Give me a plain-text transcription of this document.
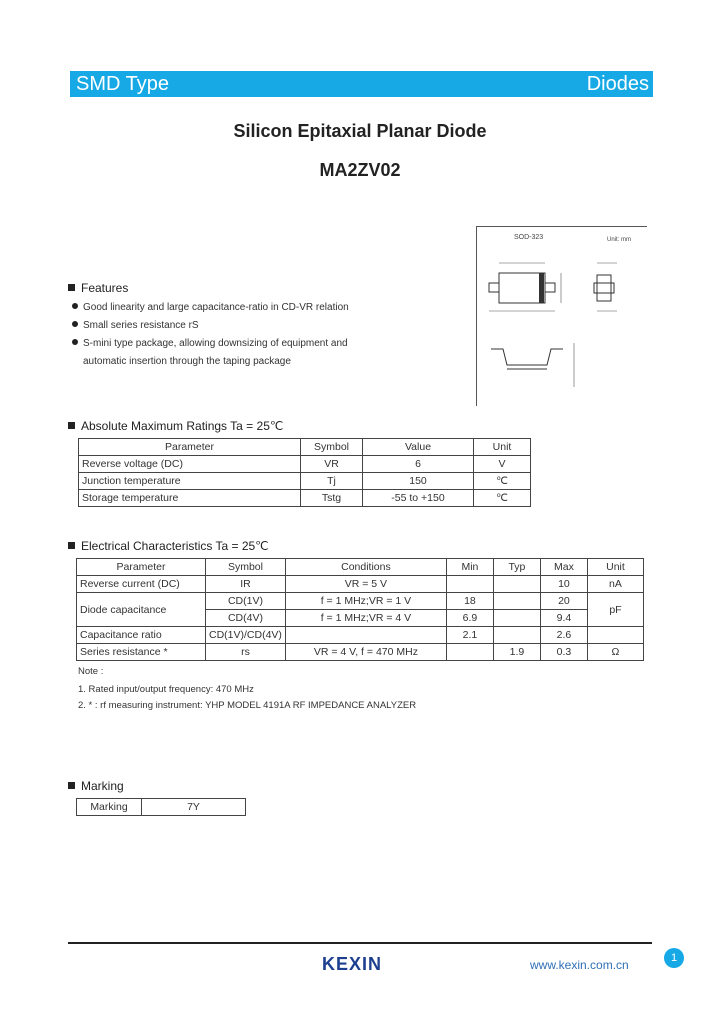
SMD Type	Diodes
Silicon Epitaxial Planar Diode
MA2ZV02
SOD-323	Unit: mm
Features
Good linearity and large capacitance-ratio in CD-VR relation
Small series resistance rS
S-mini type package, allowing downsizing of equipment and
automatic insertion through the taping package
Absolute Maximum Ratings Ta = 25℃
Parameter	Symbol	Value	Unit
Reverse voltage (DC)	VR	6	V
Junction temperature	Tj	150	℃
Storage temperature	Tstg	-55 to +150	℃
Electrical Characteristics Ta = 25℃
Parameter	Symbol	Conditions	Min	Typ	Max	Unit
Reverse current (DC)	IR	VR = 5 V			10	nA
Diode capacitance	CD(1V)	f = 1 MHz;VR = 1 V	18		20	pF
	CD(4V)	f = 1 MHz;VR = 4 V	6.9		9.4	
Capacitance ratio	CD(1V)/CD(4V)		2.1		2.6	
Series resistance *	rs	VR = 4 V, f = 470 MHz		1.9	0.3	Ω
Note :
1. Rated input/output frequency: 470 MHz
2. * : rf measuring instrument: YHP MODEL 4191A RF IMPEDANCE ANALYZER
Marking
Marking	7Y
KEXIN	www.kexin.com.cn	1
